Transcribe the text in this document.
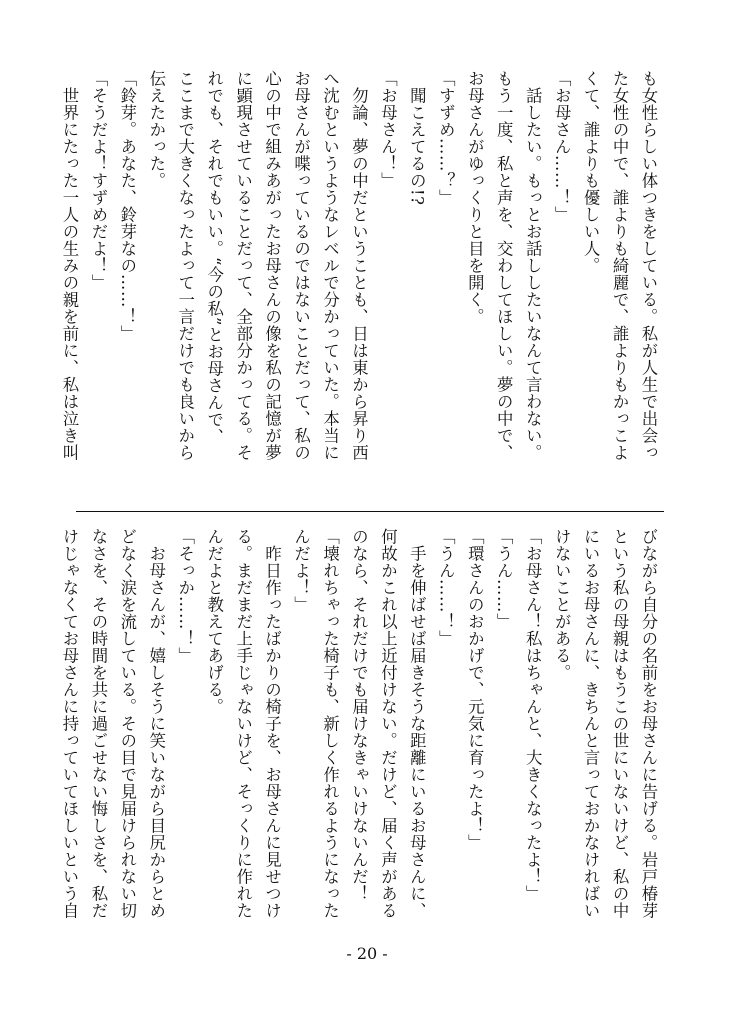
も女性らしい体つきをしている。私が人生で出会っ
た女性の中で、誰よりも綺麗で、誰よりもかっこよ
くて、誰よりも優しい人。
「お母さん……！」
　話したい。もっとお話ししたいなんて言わない。
もう一度、私と声を、交わしてほしい。夢の中で、
お母さんがゆっくりと目を開く。
「すずめ……？」
　聞こえてるの!?
「お母さん！」
　勿論、夢の中だということも、日は東から昇り西
へ沈むというようなレベルで分かっていた。本当に
お母さんが喋っているのではないことだって、私の
心の中で組みあがったお母さんの像を私の記憶が夢
に顕現させていることだって、全部分かってる。そ
れでも、それでもいい。“今の私”とお母さんで、
ここまで大きくなったよって一言だけでも良いから
伝えたかった。
「鈴芽。あなた、鈴芽なの……！」
「そうだよ！すずめだよ！」
　世界にたった一人の生みの親を前に、私は泣き叫
びながら自分の名前をお母さんに告げる。岩戸椿芽
という私の母親はもうこの世にいないけど、私の中
にいるお母さんに、きちんと言っておかなければい
けないことがある。
「お母さん！私はちゃんと、大きくなったよ！」
「うん……」
「環さんのおかげで、元気に育ったよ！」
「うん……！」
　手を伸ばせば届きそうな距離にいるお母さんに、
何故かこれ以上近付けない。だけど、届く声がある
のなら、それだけでも届けなきゃいけないんだ！
「壊れちゃった椅子も、新しく作れるようになった
んだよ！」
　昨日作ったばかりの椅子を、お母さんに見せつけ
る。まだまだ上手じゃないけど、そっくりに作れた
んだよと教えてあげる。
「そっか……！」
　お母さんが、嬉しそうに笑いながら目尻からとめ
どなく涙を流している。その目で見届けられない切
なさを、その時間を共に過ごせない悔しさを、私だ
けじゃなくてお母さんに持っていてほしいという自
- 20 -
